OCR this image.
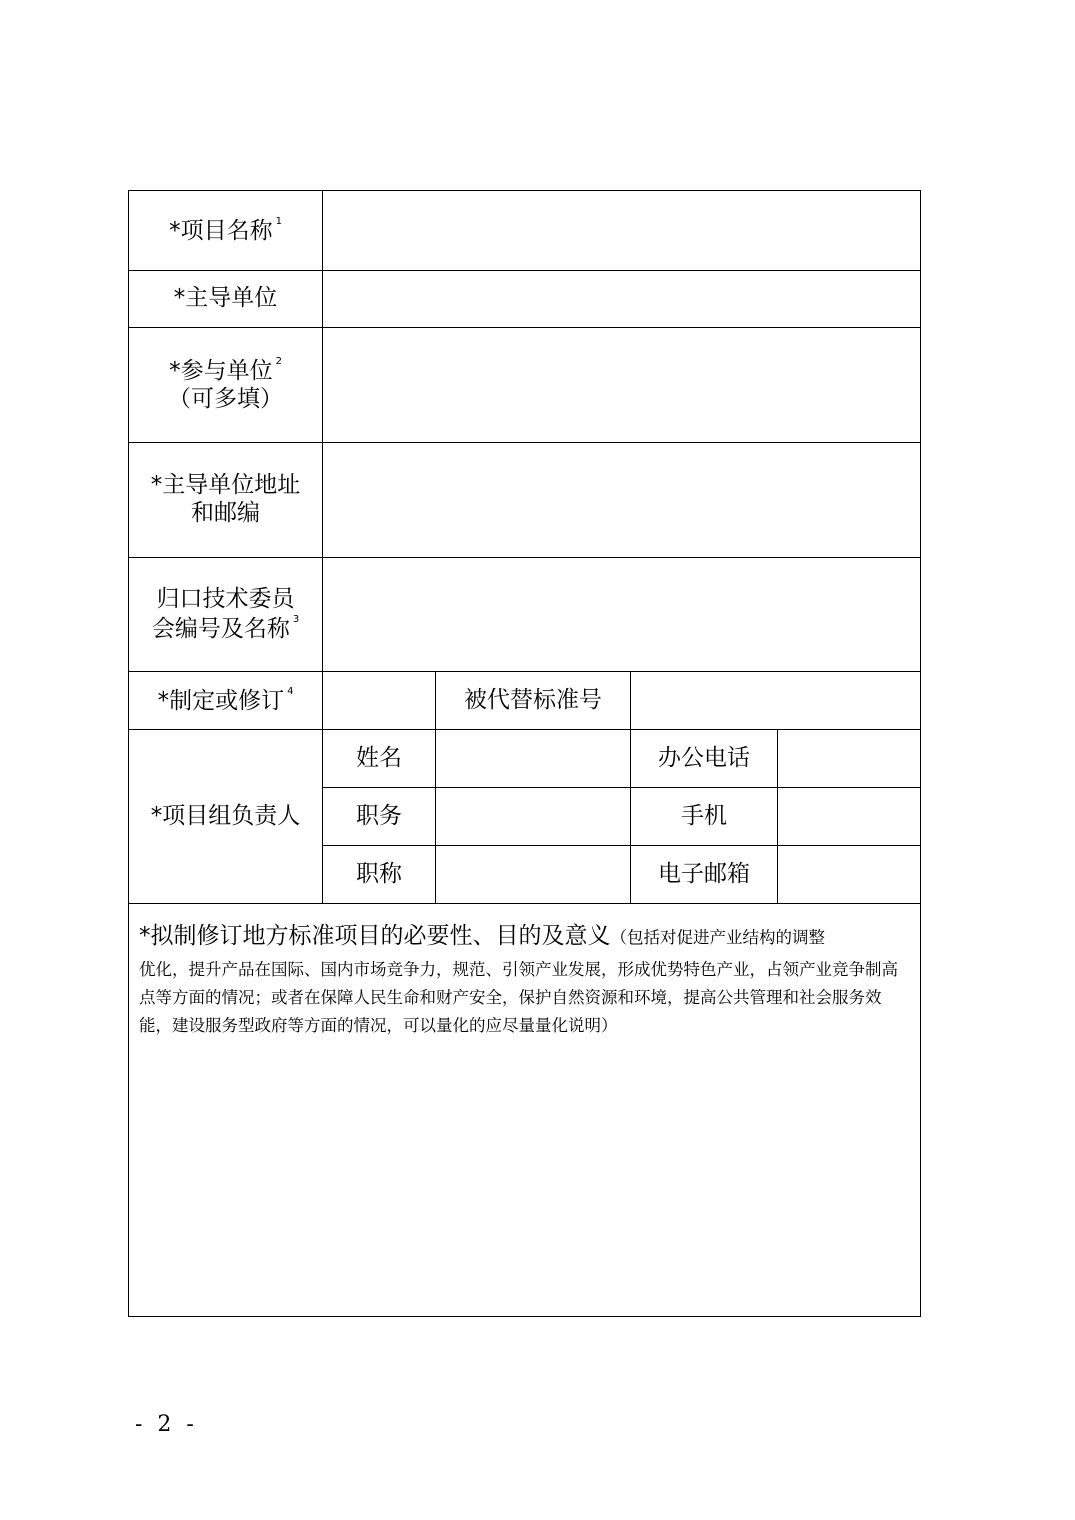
*项目名称 $^1$	
*主导单位				

*参与单位 $^2$
（可多填）				

*主导单位地址
和邮编				

归口技术委员
会编号及名称 $^3$

*制定或修订 $^4$		被代替标准号		
*项目组负责人	姓名		办公电话	
	职务		手机	
	职称		电子邮箱	

*拟制修订地方标准项目的必要性、目的及意义（包括对促进产业结构的调整
优化，提升产品在国际、国内市场竞争力，规范、引领产业发展，形成优势特色产业，占领产业竞争制高点等方面的情况；或者在保障人民生命和财产安全，保护自然资源和环境，提高公共管理和社会服务效能，建设服务型政府等方面的情况，可以量化的应尽量量化说明）				
- 2 -
